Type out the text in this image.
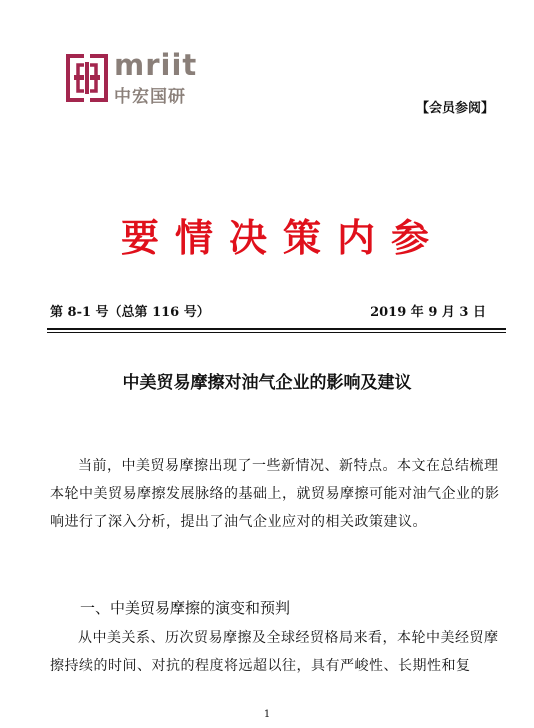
mriit
中宏国研
【会员参阅】
要情决策内参
第 8-1 号（总第 116 号）	2019 年 9 月 3 日
中美贸易摩擦对油气企业的影响及建议
当前，中美贸易摩擦出现了一些新情况、新特点。本文在总结梳理本轮中美贸易摩擦发展脉络的基础上，就贸易摩擦可能对油气企业的影响进行了深入分析，提出了油气企业应对的相关政策建议。
一、中美贸易摩擦的演变和预判
从中美关系、历次贸易摩擦及全球经贸格局来看，本轮中美经贸摩擦持续的时间、对抗的程度将远超以往，具有严峻性、长期性和复
1
